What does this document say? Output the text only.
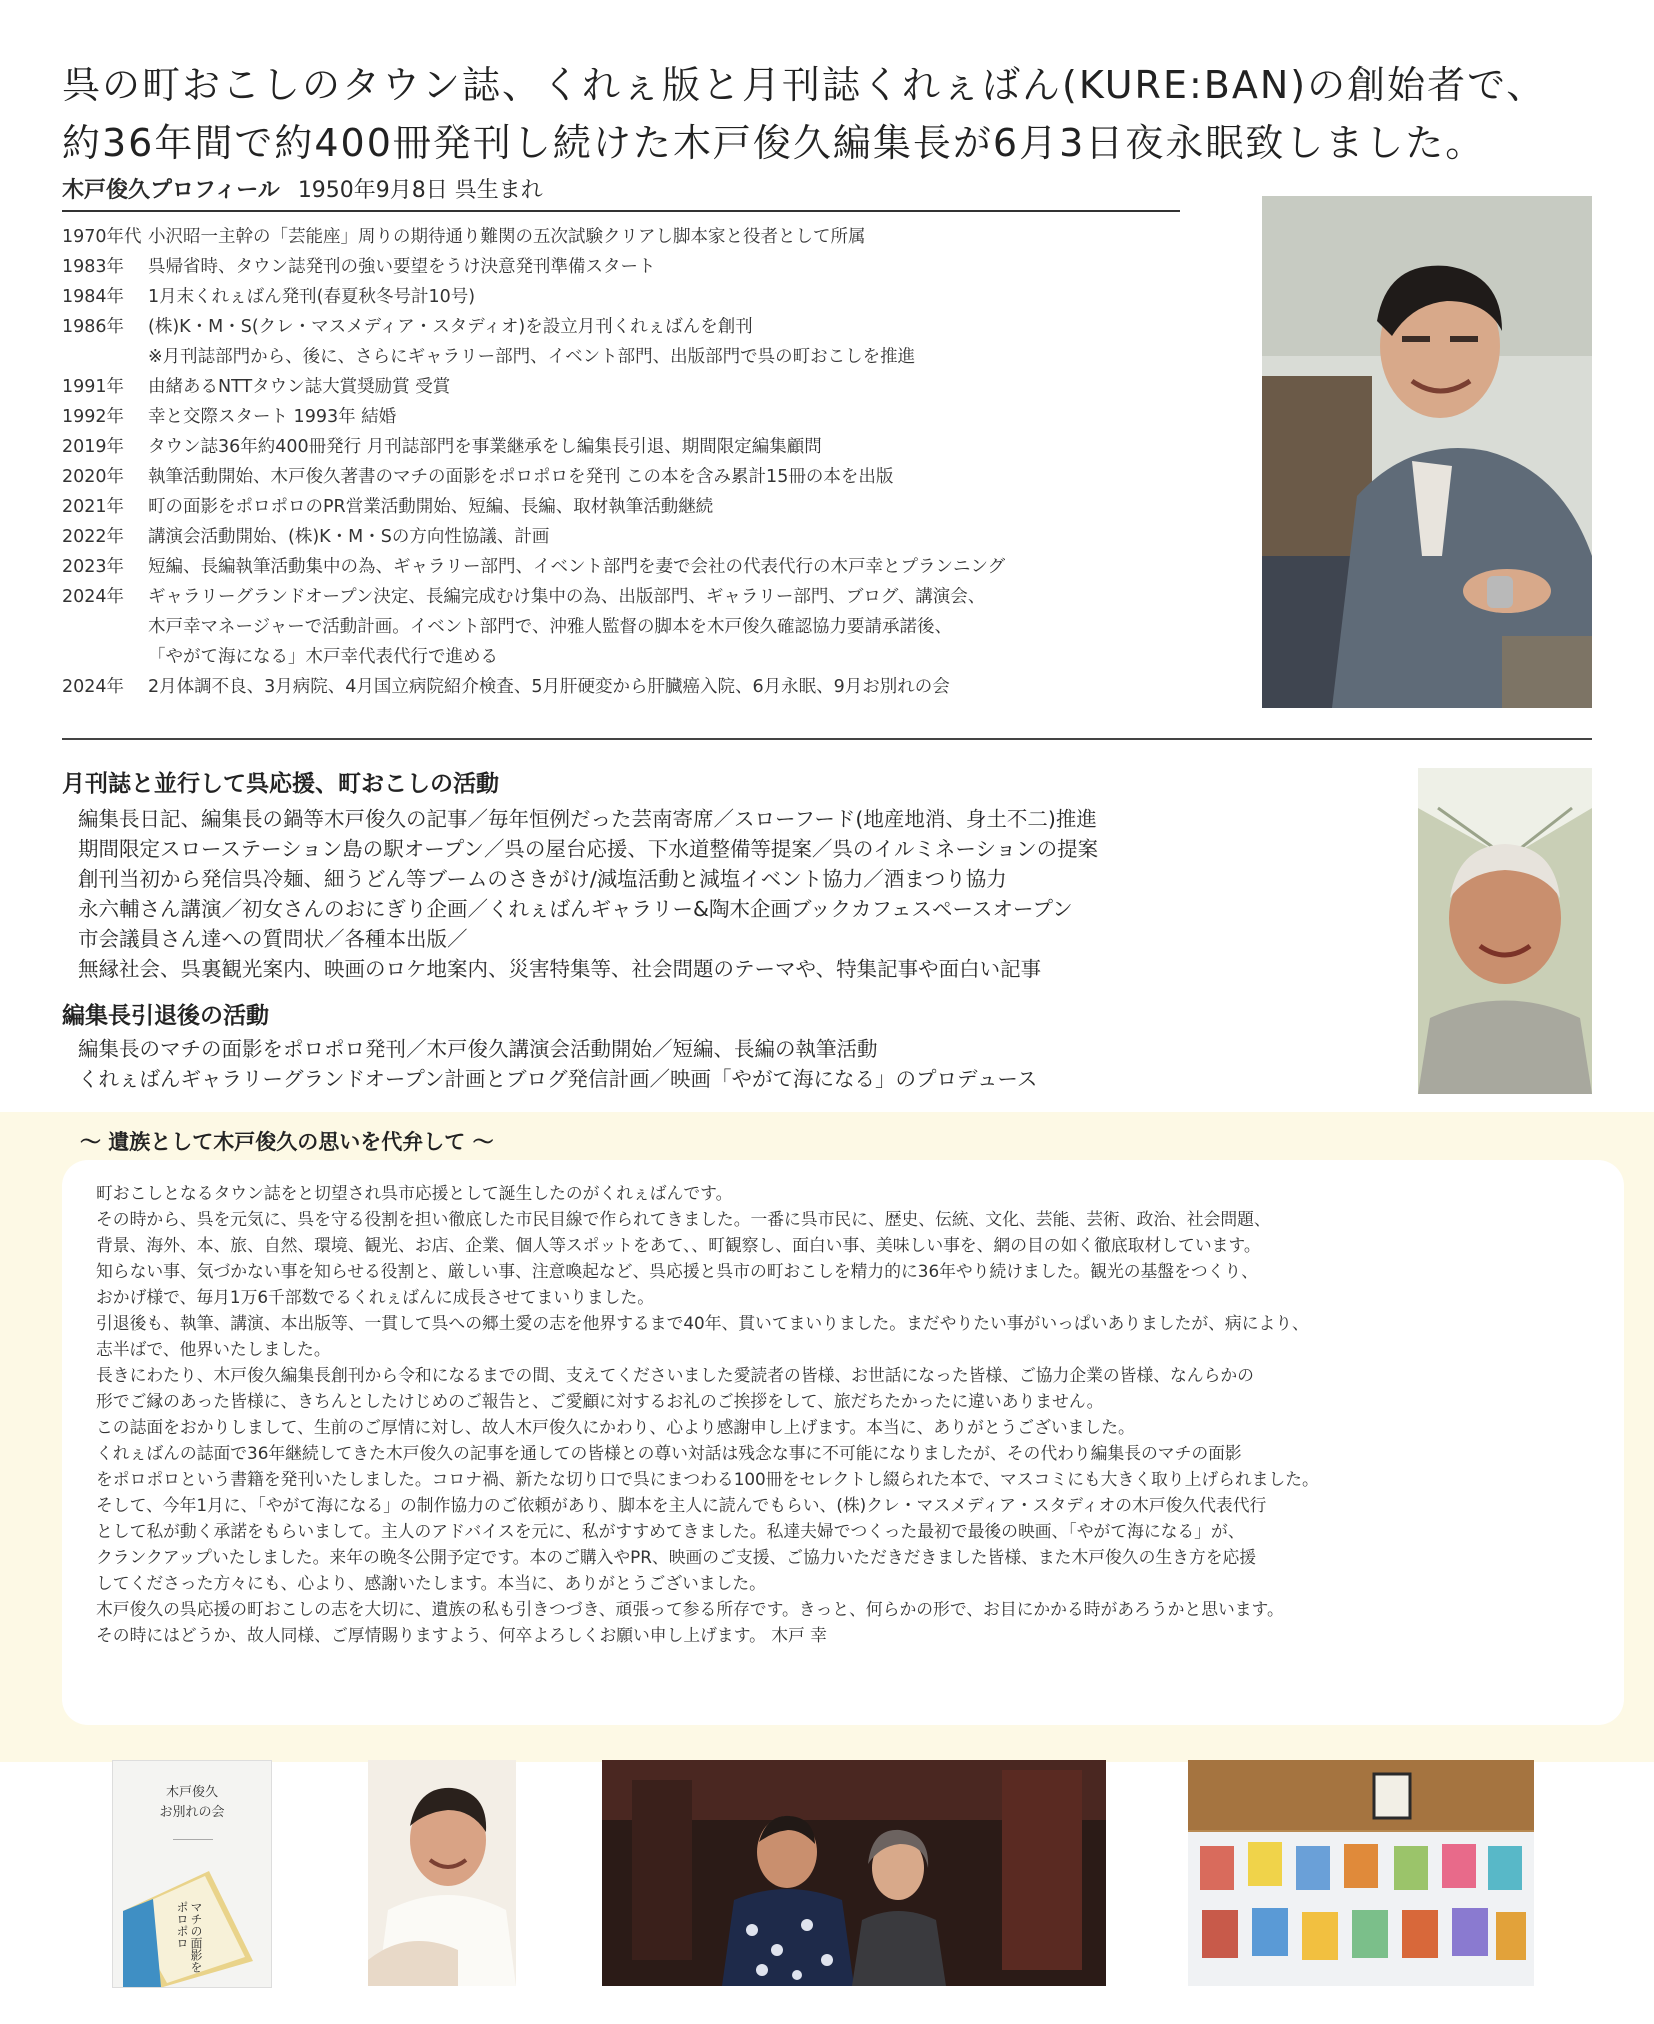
呉の町おこしのタウン誌、くれぇ版と月刊誌くれぇばん(KURE:BAN)の創始者で、
約36年間で約400冊発刊し続けた木戸俊久編集長が6月3日夜永眠致しました。
木戸俊久プロフィール 1950年9月8日 呉生まれ
1970年代 小沢昭一主幹の「芸能座」周りの期待通り難関の五次試験クリアし脚本家と役者として所属
1983年	呉帰省時、タウン誌発刊の強い要望をうけ決意発刊準備スタート
1984年	1月末くれぇばん発刊(春夏秋冬号計10号)
1986年	(株)K・M・S(クレ・マスメディア・スタディオ)を設立月刊くれぇばんを創刊
※月刊誌部門から、後に、さらにギャラリー部門、イベント部門、出版部門で呉の町おこしを推進
1991年	由緒あるNTTタウン誌大賞奨励賞 受賞
1992年	幸と交際スタート 1993年 結婚
2019年	タウン誌36年約400冊発行 月刊誌部門を事業継承をし編集長引退、期間限定編集顧問
2020年	執筆活動開始、木戸俊久著書のマチの面影をポロポロを発刊 この本を含み累計15冊の本を出版
2021年	町の面影をポロポロのPR営業活動開始、短編、長編、取材執筆活動継続
2022年	講演会活動開始、(株)K・M・Sの方向性協議、計画
2023年	短編、長編執筆活動集中の為、ギャラリー部門、イベント部門を妻で会社の代表代行の木戸幸とプランニング
2024年	ギャラリーグランドオープン決定、長編完成むけ集中の為、出版部門、ギャラリー部門、ブログ、講演会、
木戸幸マネージャーで活動計画。イベント部門で、沖雅人監督の脚本を木戸俊久確認協力要請承諾後、
「やがて海になる」木戸幸代表代行で進める
2024年	2月体調不良、3月病院、4月国立病院紹介検査、5月肝硬変から肝臓癌入院、6月永眠、9月お別れの会
月刊誌と並行して呉応援、町おこしの活動
編集長日記、編集長の鍋等木戸俊久の記事／毎年恒例だった芸南寄席／スローフード(地産地消、身土不二)推進
期間限定スローステーション島の駅オープン／呉の屋台応援、下水道整備等提案／呉のイルミネーションの提案
創刊当初から発信呉冷麺、細うどん等ブームのさきがけ/減塩活動と減塩イベント協力／酒まつり協力
永六輔さん講演／初女さんのおにぎり企画／くれぇばんギャラリー&陶木企画ブックカフェスペースオープン
市会議員さん達への質問状／各種本出版／
無縁社会、呉裏観光案内、映画のロケ地案内、災害特集等、社会問題のテーマや、特集記事や面白い記事
編集長引退後の活動
編集長のマチの面影をポロポロ発刊／木戸俊久講演会活動開始／短編、長編の執筆活動
くれぇばんギャラリーグランドオープン計画とブログ発信計画／映画「やがて海になる」のプロデュース
〜 遺族として木戸俊久の思いを代弁して 〜
町おこしとなるタウン誌をと切望され呉市応援として誕生したのがくれぇばんです。
その時から、呉を元気に、呉を守る役割を担い徹底した市民目線で作られてきました。一番に呉市民に、歴史、伝統、文化、芸能、芸術、政治、社会問題、
背景、海外、本、旅、自然、環境、観光、お店、企業、個人等スポットをあて、、町観察し、面白い事、美味しい事を、網の目の如く徹底取材しています。
知らない事、気づかない事を知らせる役割と、厳しい事、注意喚起など、呉応援と呉市の町おこしを精力的に36年やり続けました。観光の基盤をつくり、
おかげ様で、毎月1万6千部数でるくれぇばんに成長させてまいりました。
引退後も、執筆、講演、本出版等、一貫して呉への郷土愛の志を他界するまで40年、貫いてまいりました。まだやりたい事がいっぱいありましたが、病により、
志半ばで、他界いたしました。
長きにわたり、木戸俊久編集長創刊から令和になるまでの間、支えてくださいました愛読者の皆様、お世話になった皆様、ご協力企業の皆様、なんらかの
形でご縁のあった皆様に、きちんとしたけじめのご報告と、ご愛顧に対するお礼のご挨拶をして、旅だちたかったに違いありません。
この誌面をおかりしまして、生前のご厚情に対し、故人木戸俊久にかわり、心より感謝申し上げます。本当に、ありがとうございました。
くれぇばんの誌面で36年継続してきた木戸俊久の記事を通しての皆様との尊い対話は残念な事に不可能になりましたが、その代わり編集長のマチの面影
をポロポロという書籍を発刊いたしました。コロナ禍、新たな切り口で呉にまつわる100冊をセレクトし綴られた本で、マスコミにも大きく取り上げられました。
そして、今年1月に、「やがて海になる」の制作協力のご依頼があり、脚本を主人に読んでもらい、(株)クレ・マスメディア・スタディオの木戸俊久代表代行
として私が動く承諾をもらいまして。主人のアドバイスを元に、私がすすめてきました。私達夫婦でつくった最初で最後の映画、「やがて海になる」が、
クランクアップいたしました。来年の晩冬公開予定です。本のご購入やPR、映画のご支援、ご協力いただきだきました皆様、また木戸俊久の生き方を応援
してくださった方々にも、心より、感謝いたします。本当に、ありがとうございました。
木戸俊久の呉応援の町おこしの志を大切に、遺族の私も引きつづき、頑張って参る所存です。きっと、何らかの形で、お目にかかる時があろうかと思います。
その時にはどうか、故人同様、ご厚情賜りますよう、何卒よろしくお願い申し上げます。 木戸 幸
木戸俊久
お別れの会
マチの面影をポロポロ
